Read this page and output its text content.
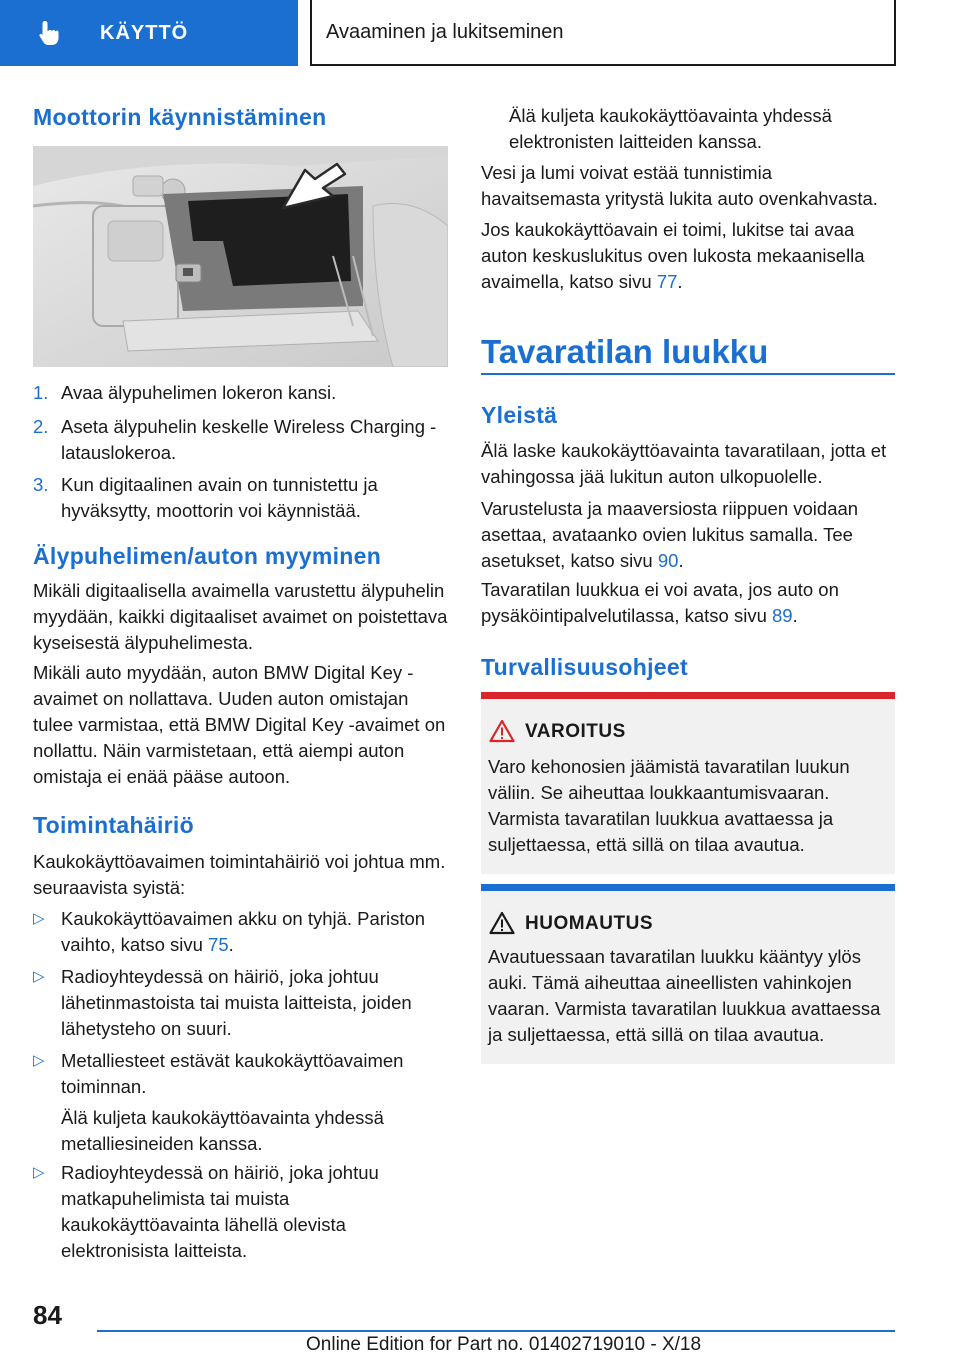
KÄYTTÖ	Avaaminen ja lukitseminen
Moottorin käynnistäminen
1. Avaa älypuhelimen lokeron kansi.
2. Aseta älypuhelin keskelle Wireless Charging -latauslokeroa.
3. Kun digitaalinen avain on tunnistettu ja hyväksytty, moottorin voi käynnistää.
Älypuhelimen/auton myyminen

Mikäli digitaalisella avaimella varustettu älypuhelin myydään, kaikki digitaaliset avaimet on poistettava kyseisestä älypuhelimesta.

Mikäli auto myydään, auton BMW Digital Key -avaimet on nollattava. Uuden auton omistajan tulee varmistaa, että BMW Digital Key -avaimet on nollattu. Näin varmistetaan, että aiempi auton omistaja ei enää pääse autoon.

Toimintahäiriö

Kaukokäyttöavaimen toimintahäiriö voi johtua mm. seuraavista syistä:

▷ Kaukokäyttöavaimen akku on tyhjä. Pariston vaihto, katso sivu 75.
▷ Radioyhteydessä on häiriö, joka johtuu lähetinmastoista tai muista laitteista, joiden lähetysteho on suuri.
▷ Metalliesteet estävät kaukokäyttöavaimen toiminnan.

Älä kuljeta kaukokäyttöavainta yhdessä metalliesineiden kanssa.

▷ Radioyhteydessä on häiriö, joka johtuu matkapuhelimista tai muista kaukokäyttöavainta lähellä olevista elektronisista laitteista.

Älä kuljeta kaukokäyttöavainta yhdessä elektronisten laitteiden kanssa.

Vesi ja lumi voivat estää tunnistimia havaitsemasta yritystä lukita auto ovenkahvasta.

Jos kaukokäyttöavain ei toimi, lukitse tai avaa auton keskuslukitus oven lukosta mekaanisella avaimella, katso sivu 77.

Tavaratilan luukku
Yleistä

Älä laske kaukokäyttöavainta tavaratilaan, jotta et vahingossa jää lukitun auton ulkopuolelle.

Varustelusta ja maaversiosta riippuen voidaan asettaa, avataanko ovien lukitus samalla. Tee asetukset, katso sivu 90.

Tavaratilan luukkua ei voi avata, jos auto on pysäköintipalvelutilassa, katso sivu 89.

Turvallisuusohjeet
VAROITUS
Varo kehonosien jäämistä tavaratilan luukun väliin. Se aiheuttaa loukkaantumisvaaran. Varmista tavaratilan luukkua avattaessa ja suljettaessa, että sillä on tilaa avautua.
HUOMAUTUS
Avautuessaan tavaratilan luukku kääntyy ylös auki. Tämä aiheuttaa aineellisten vahinkojen vaaran. Varmista tavaratilan luukkua avattaessa ja suljettaessa, että sillä on tilaa avautua.
84
Online Edition for Part no. 01402719010 - X/18
